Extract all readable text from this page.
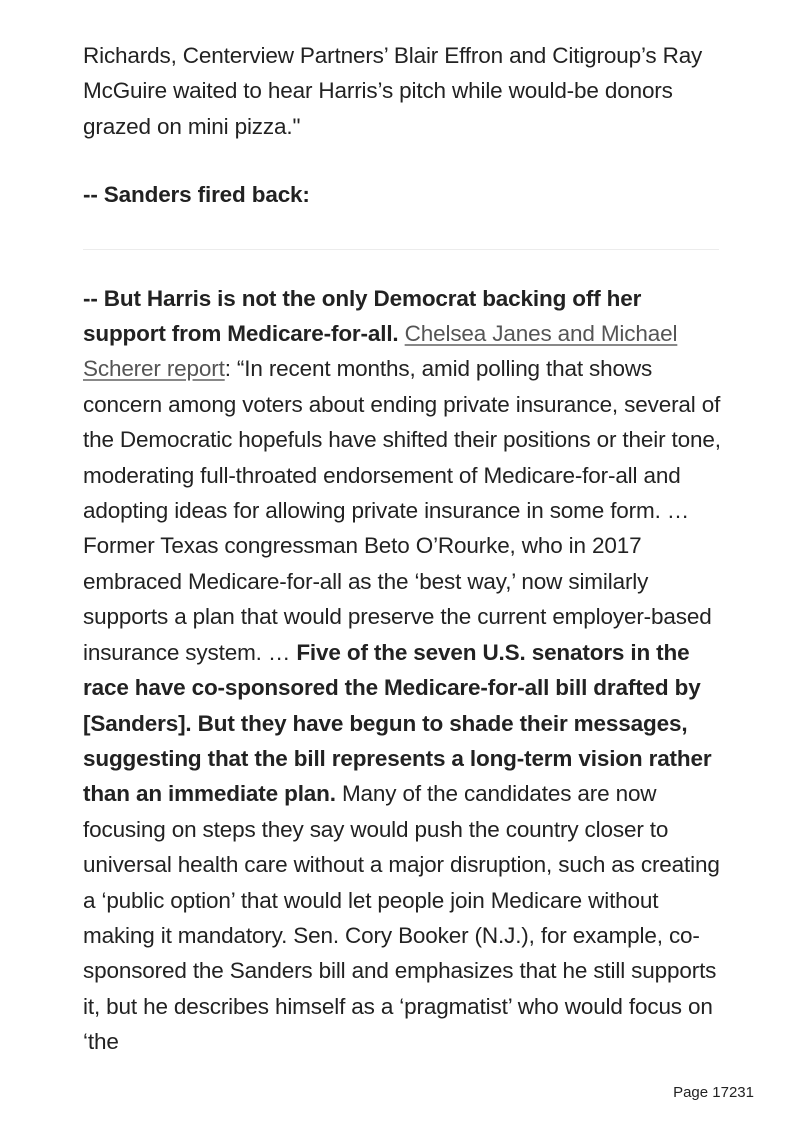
Richards, Centerview Partners’ Blair Effron and Citigroup’s Ray McGuire waited to hear Harris’s pitch while would-be donors grazed on mini pizza."

-- Sanders fired back:

-- But Harris is not the only Democrat backing off her support from Medicare-for-all. Chelsea Janes and Michael Scherer report: “In recent months, amid polling that shows concern among voters about ending private insurance, several of the Democratic hopefuls have shifted their positions or their tone, moderating full-throated endorsement of Medicare-for-all and adopting ideas for allowing private insurance in some form. … Former Texas congressman Beto O’Rourke, who in 2017 embraced Medicare-for-all as the ‘best way,’ now similarly supports a plan that would preserve the current employer-based insurance system. … Five of the seven U.S. senators in the race have co-sponsored the Medicare-for-all bill drafted by [Sanders]. But they have begun to shade their messages, suggesting that the bill represents a long-term vision rather than an immediate plan. Many of the candidates are now focusing on steps they say would push the country closer to universal health care without a major disruption, such as creating a ‘public option’ that would let people join Medicare without making it mandatory. Sen. Cory Booker (N.J.), for example, co-sponsored the Sanders bill and emphasizes that he still supports it, but he describes himself as a ‘pragmatist’ who would focus on ‘the

Page 17231
